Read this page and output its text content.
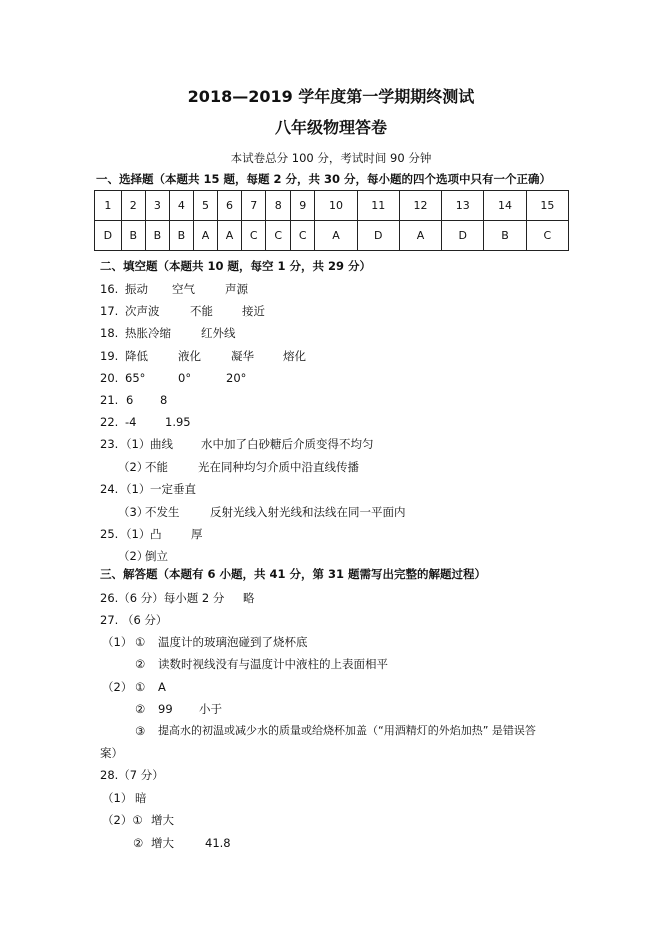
2018—2019 学年度第一学期期终测试
八年级物理答卷
本试卷总分 100 分，考试时间 90 分钟
一、选择题（本题共 15 题，每题 2 分，共 30 分，每小题的四个选项中只有一个正确）
1	2	3	4	5	6	7	8	9	10	11	12	13	14	15
D	B	B	B	A	A	C	C	C	A	D	A	D	B	C
二、填空题（本题共 10 题，每空 1 分，共 29 分）
16. 振动 空气	声源
17. 次声波	不能	接近
18. 热胀冷缩	红外线
19. 降低	液化	凝华	熔化
20. 65°	0°	20°
21. 6 8
22. -4 1.95
23. （1） 曲线 水中加了白砂糖后介质变得不均匀
（2）
不能	光在同种均匀介质中沿直线传播
24. （1） 一定垂直
（3）
不发生	反射光线入射光线和法线在同一平面内
25. （1） 凸	厚
（2）
倒立
三、解答题（本题有 6 小题，共 41 分，第 31 题需写出完整的解题过程）
26.（6 分）每小题 2 分 略
27. （6 分）
（1） ① 温度计的玻璃泡碰到了烧杯底
② 读数时视线没有与温度计中液柱的上表面相平
（2） ① A
② 99 小于
③ 提高水的初温或减少水的质量或给烧杯加盖（“用酒精灯的外焰加热” 是错误答
案）
28.（7 分）
（1） 暗
（2）① 增大
② 增大	41.8
